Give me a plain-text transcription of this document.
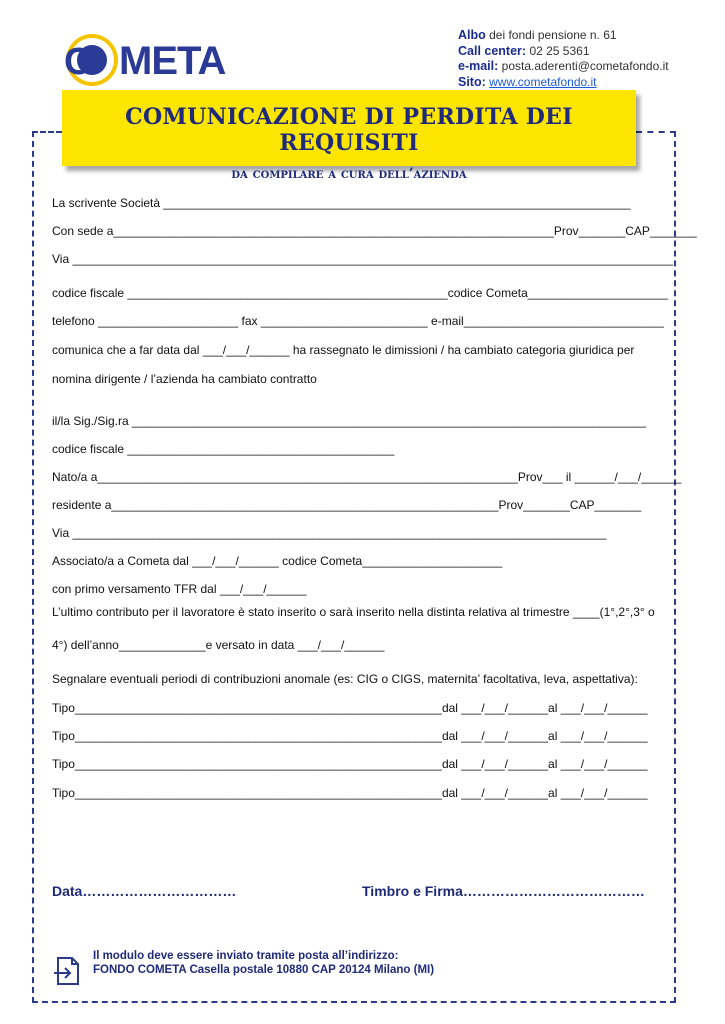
C META
Albo dei fondi pensione n. 61
Call center: 02 25 5361
e-mail: posta.aderenti@cometafondo.it
Sito: www.cometafondo.it
COMUNICAZIONE DI PERDITA DEI REQUISITI
da compilare a cura dell’azienda
La scrivente Società ______________________________________________________________________
Con sede a__________________________________________________________________Prov_______CAP_______
Via __________________________________________________________________________________________
codice fiscale ________________________________________________codice Cometa_____________________
telefono _____________________ fax _________________________ e-mail______________________________
comunica che a far data dal ___/___/______ ha rassegnato le dimissioni / ha cambiato categoria giuridica per
nomina dirigente / l’azienda ha cambiato contratto
il/la Sig./Sig.ra _____________________________________________________________________________
codice fiscale ________________________________________
Nato/a a_______________________________________________________________Prov___ il ______/___/______
residente a__________________________________________________________Prov_______CAP_______
Via ________________________________________________________________________________
Associato/a a Cometa dal ___/___/______ codice Cometa_____________________
con primo versamento TFR dal ___/___/______
L’ultimo contributo per il lavoratore è stato inserito o sarà inserito nella distinta relativa al trimestre ____(1°,2°,3° o
4°) dell’anno_____________e versato in data ___/___/______
Segnalare eventuali periodi di contribuzioni anomale (es: CIG o CIGS, maternita’ facoltativa, leva, aspettativa):
Tipo_______________________________________________________dal ___/___/______al ___/___/______
Tipo_______________________________________________________dal ___/___/______al ___/___/______
Tipo_______________________________________________________dal ___/___/______al ___/___/______
Tipo_______________________________________________________dal ___/___/______al ___/___/______
Data……………………………	Timbro e Firma…………………………………
Il modulo deve essere inviato tramite posta all’indirizzo:
FONDO COMETA Casella postale 10880 CAP 20124 Milano (MI)
